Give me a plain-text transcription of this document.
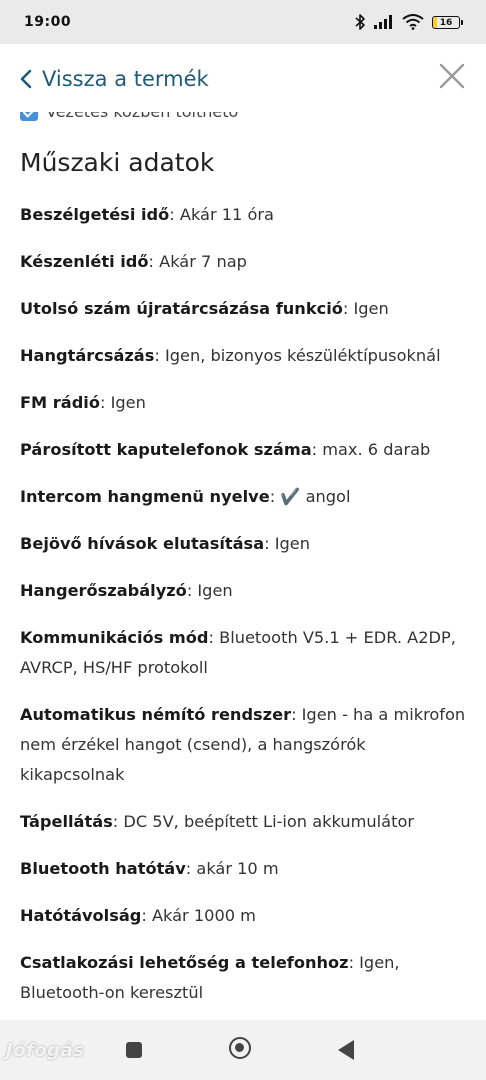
19:00	16
Vissza a termék
Műszaki adatok
Beszélgetési idő: Akár 11 óra
Készenléti idő: Akár 7 nap
Utolsó szám újratárcsázása funkció: Igen
Hangtárcsázás: Igen, bizonyos készüléktípusoknál
FM rádió: Igen
Párosított kaputelefonok száma: max. 6 darab
Intercom hangmenü nyelve: ✔️ angol
Bejövő hívások elutasítása: Igen
Hangerőszabályzó: Igen
Kommunikációs mód: Bluetooth V5.1 + EDR. A2DP, AVRCP, HS/HF protokoll
Automatikus némító rendszer: Igen - ha a mikrofon nem érzékel hangot (csend), a hangszórók kikapcsolnak
Tápellátás: DC 5V, beépített Li-ion akkumulátor
Bluetooth hatótáv: akár 10 m
Hatótávolság: Akár 1000 m
Csatlakozási lehetőség a telefonhoz: Igen, Bluetooth-on keresztül
Jófogás
